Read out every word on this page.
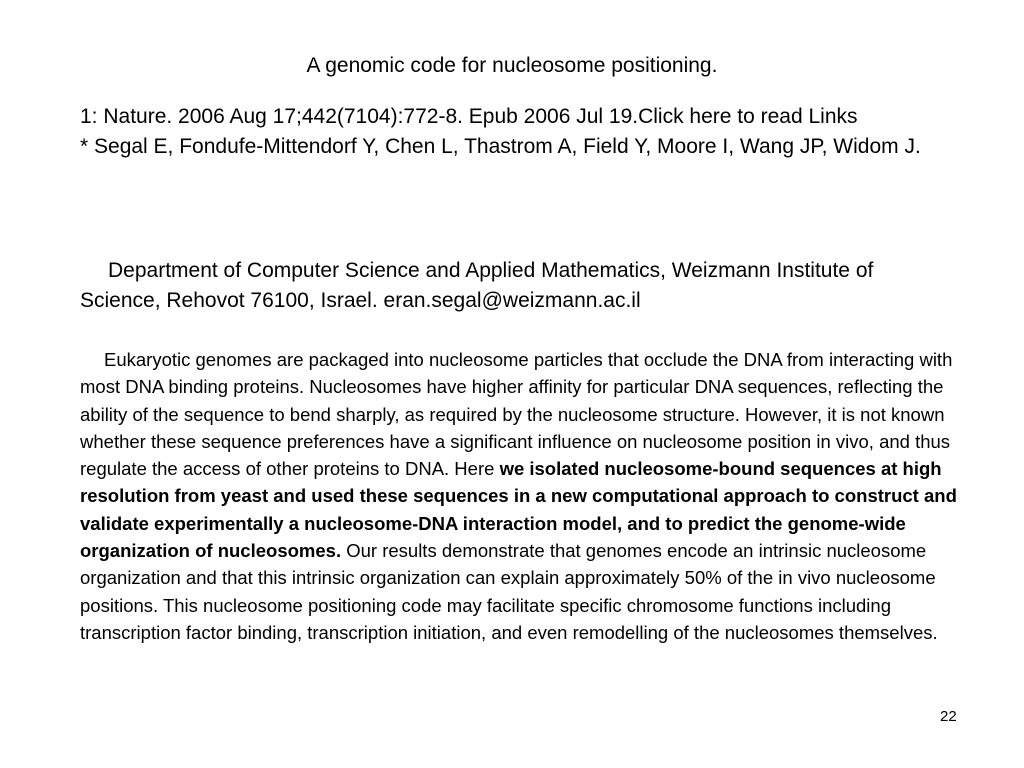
A genomic code for nucleosome positioning.
1: Nature. 2006 Aug 17;442(7104):772-8. Epub 2006 Jul 19.Click here to read Links
* Segal E, Fondufe-Mittendorf Y, Chen L, Thastrom A, Field Y, Moore I, Wang JP, Widom J.
Department of Computer Science and Applied Mathematics, Weizmann Institute of Science, Rehovot 76100, Israel. eran.segal@weizmann.ac.il
Eukaryotic genomes are packaged into nucleosome particles that occlude the DNA from interacting with most DNA binding proteins. Nucleosomes have higher affinity for particular DNA sequences, reflecting the ability of the sequence to bend sharply, as required by the nucleosome structure. However, it is not known whether these sequence preferences have a significant influence on nucleosome position in vivo, and thus regulate the access of other proteins to DNA. Here we isolated nucleosome-bound sequences at high resolution from yeast and used these sequences in a new computational approach to construct and validate experimentally a nucleosome-DNA interaction model, and to predict the genome-wide organization of nucleosomes. Our results demonstrate that genomes encode an intrinsic nucleosome organization and that this intrinsic organization can explain approximately 50% of the in vivo nucleosome positions. This nucleosome positioning code may facilitate specific chromosome functions including transcription factor binding, transcription initiation, and even remodelling of the nucleosomes themselves.
22
